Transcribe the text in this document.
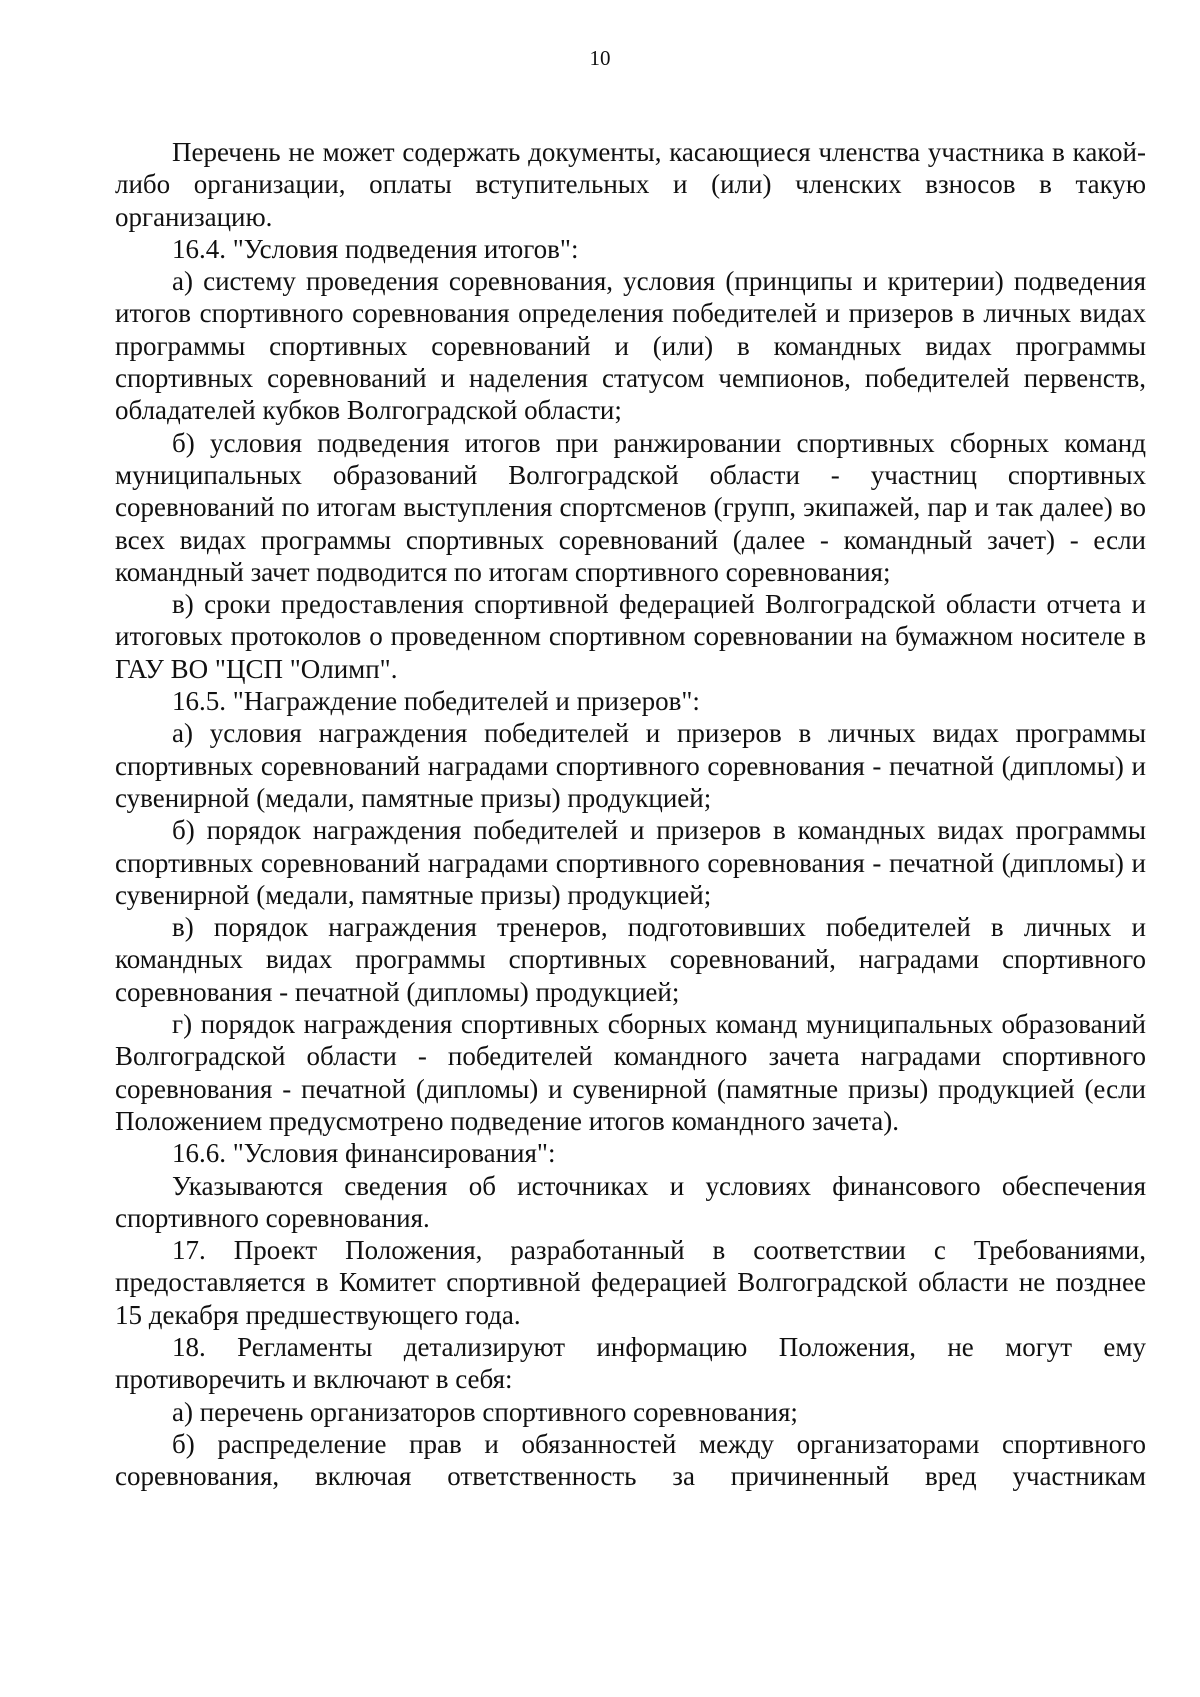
10

Перечень не может содержать документы, касающиеся членства участника в какой-либо организации, оплаты вступительных и (или) членских взносов в такую организацию.

16.4. "Условия подведения итогов":

а) систему проведения соревнования, условия (принципы и критерии) подведения итогов спортивного соревнования определения победителей и призеров в личных видах программы спортивных соревнований и (или) в командных видах программы спортивных соревнований и наделения статусом чемпионов, победителей первенств, обладателей кубков Волгоградской области;

б) условия подведения итогов при ранжировании спортивных сборных команд муниципальных образований Волгоградской области - участниц спортивных соревнований по итогам выступления спортсменов (групп, экипажей, пар и так далее) во всех видах программы спортивных соревнований (далее - командный зачет) - если командный зачет подводится по итогам спортивного соревнования;

в) сроки предоставления спортивной федерацией Волгоградской области отчета и итоговых протоколов о проведенном спортивном соревновании на бумажном носителе в ГАУ ВО "ЦСП "Олимп".

16.5. "Награждение победителей и призеров":

а) условия награждения победителей и призеров в личных видах программы спортивных соревнований наградами спортивного соревнования - печатной (дипломы) и сувенирной (медали, памятные призы) продукцией;

б) порядок награждения победителей и призеров в командных видах программы спортивных соревнований наградами спортивного соревнования - печатной (дипломы) и сувенирной (медали, памятные призы) продукцией;

в) порядок награждения тренеров, подготовивших победителей в личных и командных видах программы спортивных соревнований, наградами спортивного соревнования - печатной (дипломы) продукцией;

г) порядок награждения спортивных сборных команд муниципальных образований Волгоградской области - победителей командного зачета наградами спортивного соревнования - печатной (дипломы) и сувенирной (памятные призы) продукцией (если Положением предусмотрено подведение итогов командного зачета).

16.6. "Условия финансирования":

Указываются сведения об источниках и условиях финансового обеспечения спортивного соревнования.

17. Проект Положения, разработанный в соответствии с Требованиями, предоставляется в Комитет спортивной федерацией Волгоградской области не позднее 15 декабря предшествующего года.

18. Регламенты детализируют информацию Положения, не могут ему противоречить и включают в себя:

а) перечень организаторов спортивного соревнования;

б) распределение прав и обязанностей между организаторами спортивного соревнования, включая ответственность за причиненный вред участникам
